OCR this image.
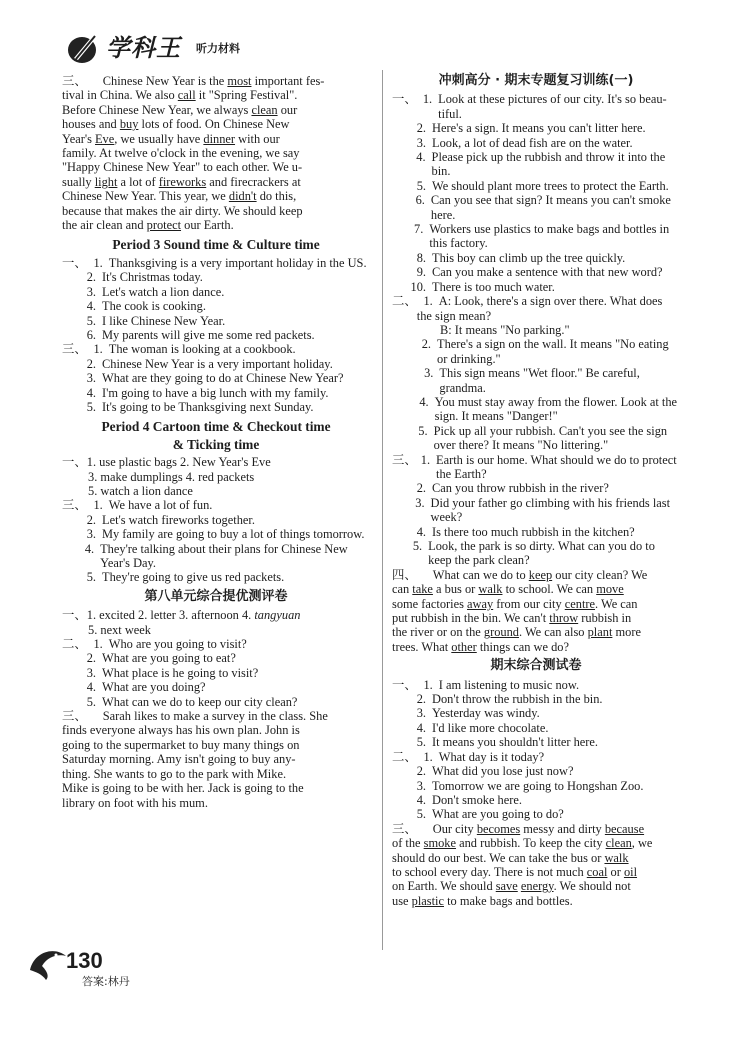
学科王 听力材料
三、	Chinese New Year is the most important fes-
tival in China. We also call it "Spring Festival".
Before Chinese New Year, we always clean our
houses and buy lots of food. On Chinese New
Year's Eve, we usually have dinner with our
family. At twelve o'clock in the evening, we say
"Happy Chinese New Year" to each other. We u-
sually light a lot of fireworks and firecrackers at
Chinese New Year. This year, we didn't do this,
because that makes the air dirty. We should keep
the air clean and protect our Earth.
Period 3 Sound time & Culture time
一、 1. Thanksgiving is a very important holiday in the US.
2. It's Christmas today.
3. Let's watch a lion dance.
4. The cook is cooking.
5. I like Chinese New Year.
6. My parents will give me some red packets.
三、 1. The woman is looking at a cookbook.
2. Chinese New Year is a very important holiday.
3. What are they going to do at Chinese New Year?
4. I'm going to have a big lunch with my family.
5. It's going to be Thanksgiving next Sunday.
Period 4 Cartoon time & Checkout time
& Ticking time
一、 1. use plastic bags 2. New Year's Eve
3. make dumplings 4. red packets
5. watch a lion dance
三、 1. We have a lot of fun.
2. Let's watch fireworks together.
3. My family are going to buy a lot of things tomorrow.
4. They're talking about their plans for Chinese New Year's Day.
5. They're going to give us red packets.
第八单元综合提优测评卷
一、 1. excited 2. letter 3. afternoon 4. tangyuan
5. next week
二、 1. Who are you going to visit?
2. What are you going to eat?
3. What place is he going to visit?
4. What are you doing?
5. What can we do to keep our city clean?
三、	Sarah likes to make a survey in the class. She
finds everyone always has his own plan. John is
going to the supermarket to buy many things on
Saturday morning. Amy isn't going to buy any-
thing. She wants to go to the park with Mike.
Mike is going to be with her. Jack is going to the
library on foot with his mum.
冲刺高分 · 期末专题复习训练(一)
一、 1. Look at these pictures of our city. It's so beau-tiful.
2. Here's a sign. It means you can't litter here.
3. Look, a lot of dead fish are on the water.
4. Please pick up the rubbish and throw it into the bin.
5. We should plant more trees to protect the Earth.
6. Can you see that sign? It means you can't smoke here.
7. Workers use plastics to make bags and bottles in this factory.
8. This boy can climb up the tree quickly.
9. Can you make a sentence with that new word?
10. There is too much water.
二、 1. A: Look, there's a sign over there. What does the sign mean?
B: It means "No parking."
2. There's a sign on the wall. It means "No eating or drinking."
3. This sign means "Wet floor." Be careful, grandma.
4. You must stay away from the flower. Look at the sign. It means "Danger!"
5. Pick up all your rubbish. Can't you see the sign over there? It means "No littering."
三、 1. Earth is our home. What should we do to protect the Earth?
2. Can you throw rubbish in the river?
3. Did your father go climbing with his friends last week?
4. Is there too much rubbish in the kitchen?
5. Look, the park is so dirty. What can you do to keep the park clean?
四、	What can we do to keep our city clean? We
can take a bus or walk to school. We can move
some factories away from our city centre. We can
put rubbish in the bin. We can't throw rubbish in
the river or on the ground. We can also plant more
trees. What other things can we do?
期末综合测试卷
一、 1. I am listening to music now.
2. Don't throw the rubbish in the bin.
3. Yesterday was windy.
4. I'd like more chocolate.
5. It means you shouldn't litter here.
二、 1. What day is it today?
2. What did you lose just now?
3. Tomorrow we are going to Hongshan Zoo.
4. Don't smoke here.
5. What are you going to do?
三、	Our city becomes messy and dirty because
of the smoke and rubbish. To keep the city clean, we
should do our best. We can take the bus or walk
to school every day. There is not much coal or oil
on Earth. We should save energy. We should not
use plastic to make bags and bottles.
130
答案:林丹
